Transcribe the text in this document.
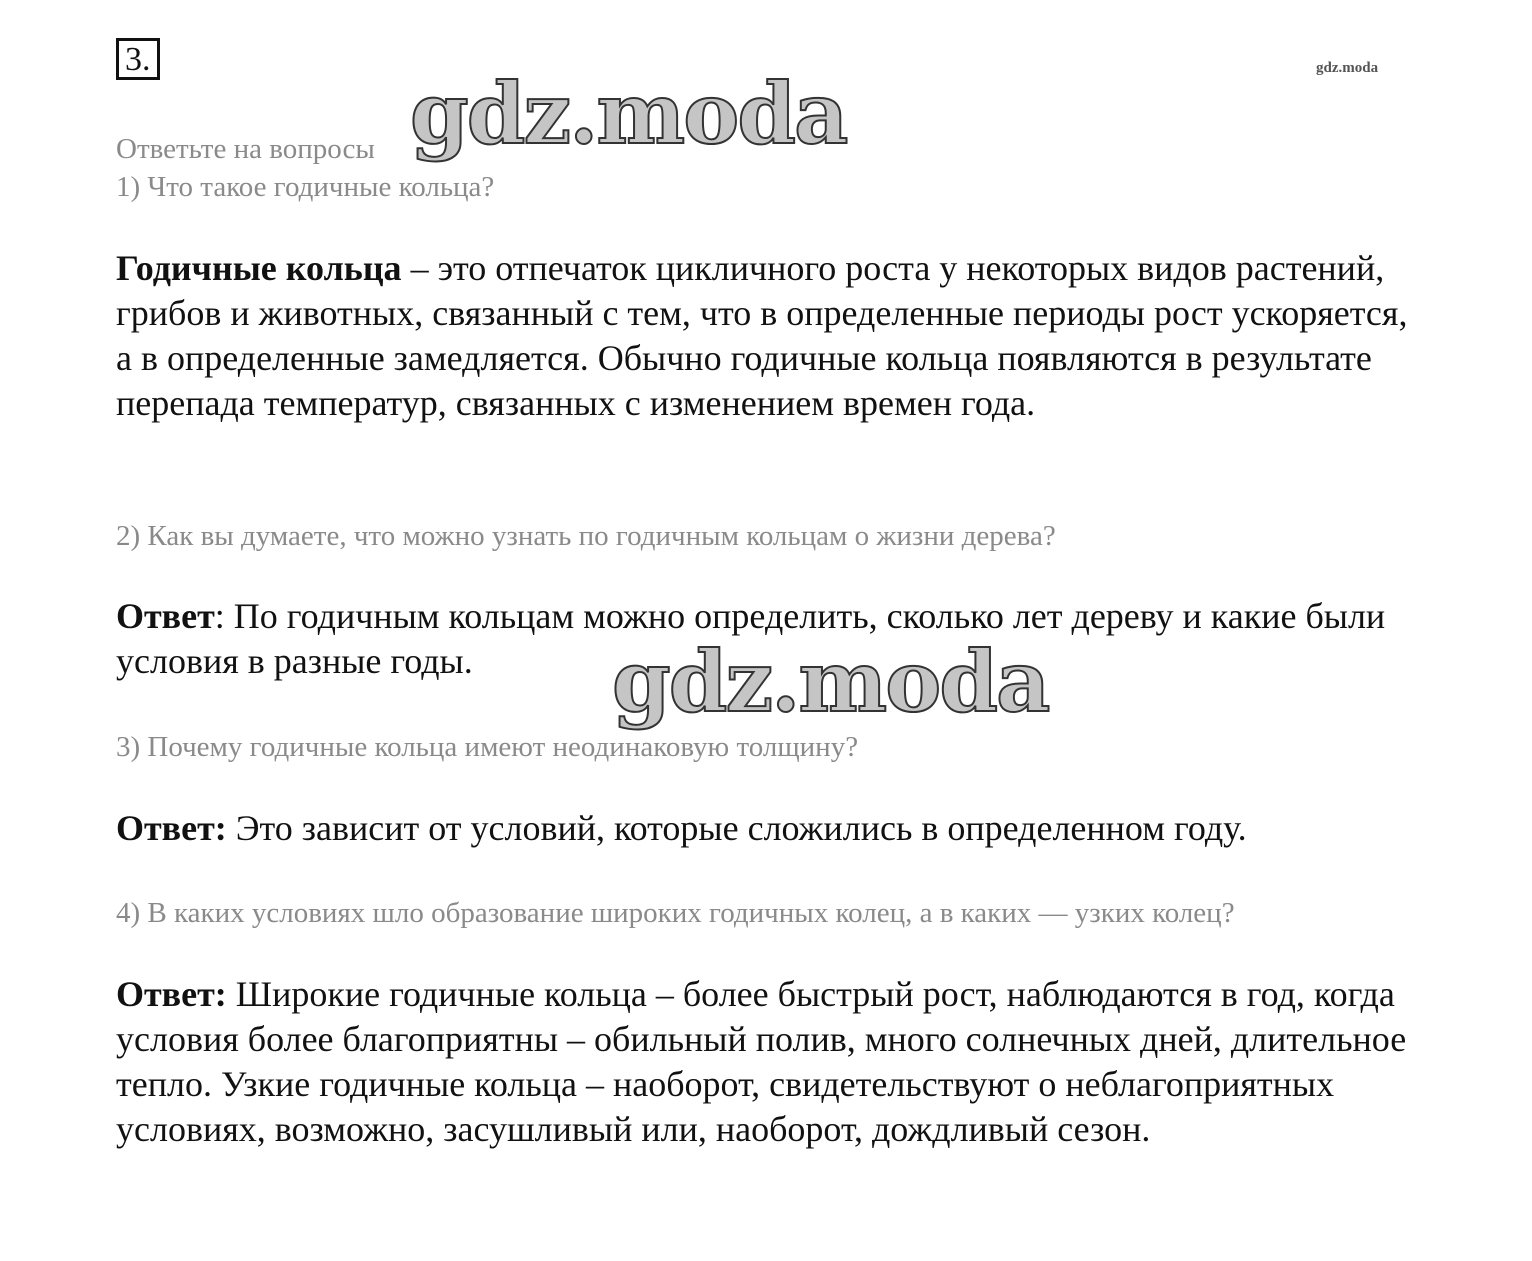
3.	gdz.moda
Ответьте на вопросы
1) Что такое годичные кольца?
Годичные кольца – это отпечаток цикличного роста у некоторых видов растений, грибов и животных, связанный с тем, что в определенные периоды рост ускоряется, а в определенные замедляется. Обычно годичные кольца появляются в результате перепада температур, связанных с изменением времен года.
2) Как вы думаете, что можно узнать по годичным кольцам о жизни дерева?
Ответ: По годичным кольцам можно определить, сколько лет дереву и какие были условия в разные годы.
3) Почему годичные кольца имеют неодинаковую толщину?
Ответ: Это зависит от условий, которые сложились в определенном году.
4) В каких условиях шло образование широких годичных колец, а в каких — узких колец?
Ответ: Широкие годичные кольца – более быстрый рост, наблюдаются в год, когда условия более благоприятны – обильный полив, много солнечных дней, длительное тепло. Узкие годичные кольца – наоборот, свидетельствуют о неблагоприятных условиях, возможно, засушливый или, наоборот, дождливый сезон.
gdz.moda
gdz.moda
